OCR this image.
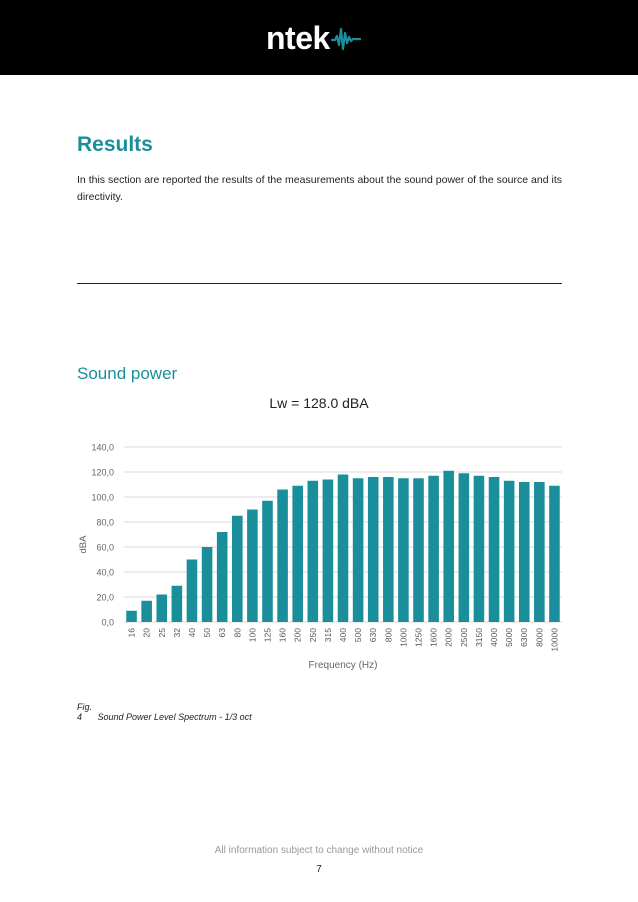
ntek
Results

In this section are reported the results of the measurements about the sound power of the source and its directivity.

Sound power
Lw = 128.0 dBA
0,0
20,0
40,0
60,0
80,0
100,0
120,0
140,0
16 20 25 32 40 50 63 80 100 125 160 200 250 315 400 500 630 800 1000 1250 1600 2000 2500 3150 4000 5000 6300 8000 10000
dBA
Frequency (Hz)
Fig. 4 Sound Power Level Spectrum - 1/3 oct
All information subject to change without notice
7
